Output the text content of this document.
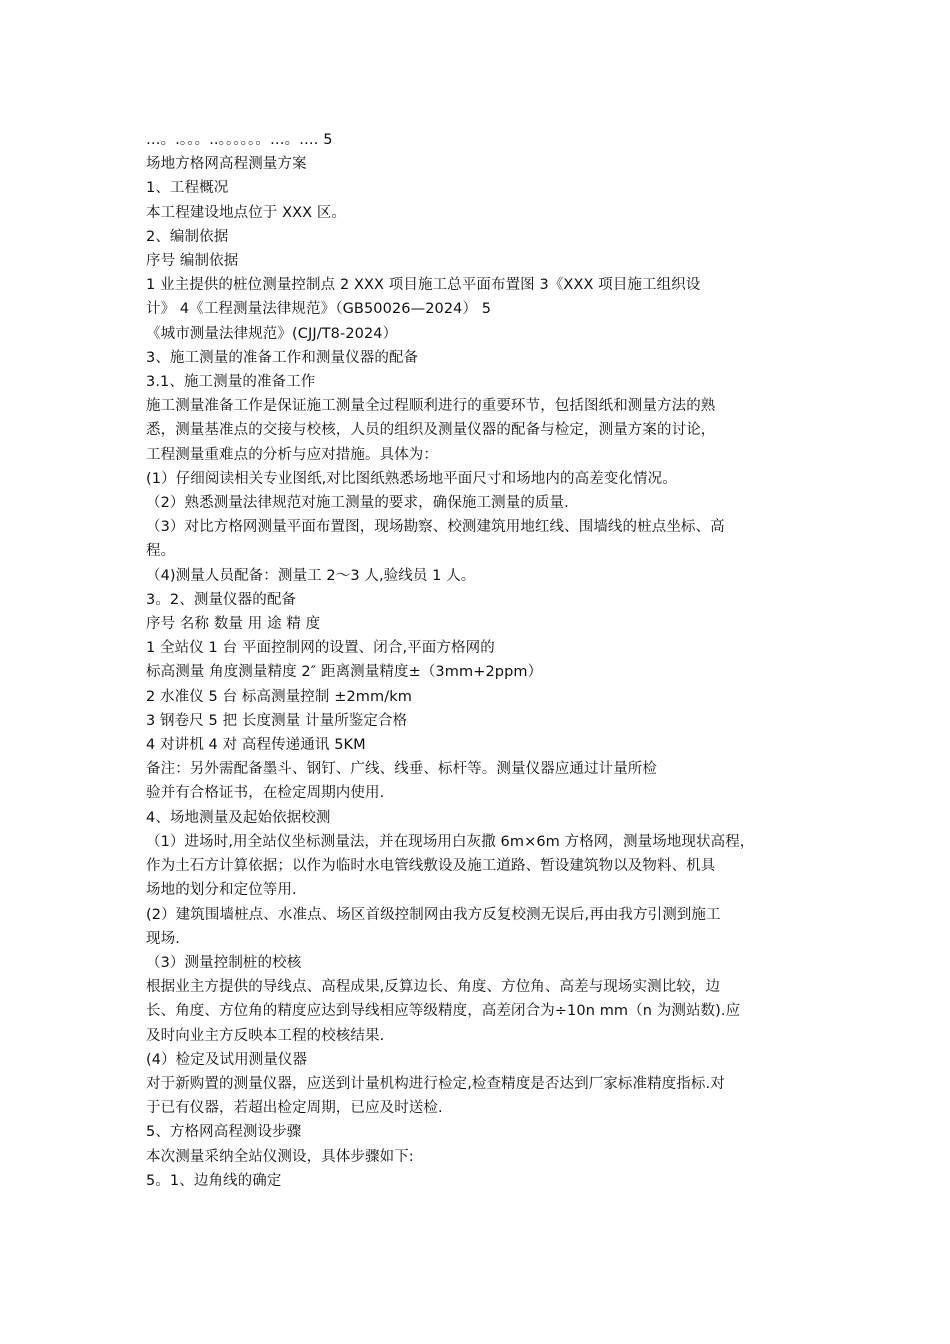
…。.。。。..。。。。。。…。…. 5
场地方格网高程测量方案
1、工程概况
本工程建设地点位于 XXX 区。
2、编制依据
序号 编制依据
1 业主提供的桩位测量控制点 2 XXX 项目施工总平面布置图 3《XXX 项目施工组织设
计》 4《工程测量法律规范》（GB50026—2024） 5
《城市测量法律规范》(CJJ/T8-2024）
3、施工测量的准备工作和测量仪器的配备
3.1、施工测量的准备工作
施工测量准备工作是保证施工测量全过程顺利进行的重要环节，包括图纸和测量方法的熟
悉，测量基准点的交接与校核，人员的组织及测量仪器的配备与检定，测量方案的讨论，
工程测量重难点的分析与应对措施。具体为：
(1）仔细阅读相关专业图纸,对比图纸熟悉场地平面尺寸和场地内的高差变化情况。
（2）熟悉测量法律规范对施工测量的要求，确保施工测量的质量.
（3）对比方格网测量平面布置图，现场勘察、校测建筑用地红线、围墙线的桩点坐标、高
程。
（4)测量人员配备：测量工 2～3 人,验线员 1 人。
3。2、测量仪器的配备
序号 名称 数量 用 途 精 度
1 全站仪 1 台 平面控制网的设置、闭合,平面方格网的
标高测量 角度测量精度 2″ 距离测量精度±（3mm+2ppm）
2 水准仪 5 台 标高测量控制 ±2mm/km
3 钢卷尺 5 把 长度测量 计量所鉴定合格
4 对讲机 4 对 高程传递通讯 5KM
备注：另外需配备墨斗、钢钉、广线、线垂、标杆等。测量仪器应通过计量所检
验并有合格证书，在检定周期内使用.
4、场地测量及起始依据校测
（1）进场时,用全站仪坐标测量法，并在现场用白灰撒 6m×6m 方格网，测量场地现状高程，
作为土石方计算依据；以作为临时水电管线敷设及施工道路、暂设建筑物以及物料、机具
场地的划分和定位等用.
(2）建筑围墙桩点、水准点、场区首级控制网由我方反复校测无误后,再由我方引测到施工
现场.
（3）测量控制桩的校核
根据业主方提供的导线点、高程成果,反算边长、角度、方位角、高差与现场实测比较，边
长、角度、方位角的精度应达到导线相应等级精度，高差闭合为÷10n mm（n 为测站数).应
及时向业主方反映本工程的校核结果.
(4）检定及试用测量仪器
对于新购置的测量仪器，应送到计量机构进行检定,检查精度是否达到厂家标准精度指标.对
于已有仪器，若超出检定周期，已应及时送检.
5、方格网高程测设步骤
本次测量采纳全站仪测设，具体步骤如下:
5。1、边角线的确定
